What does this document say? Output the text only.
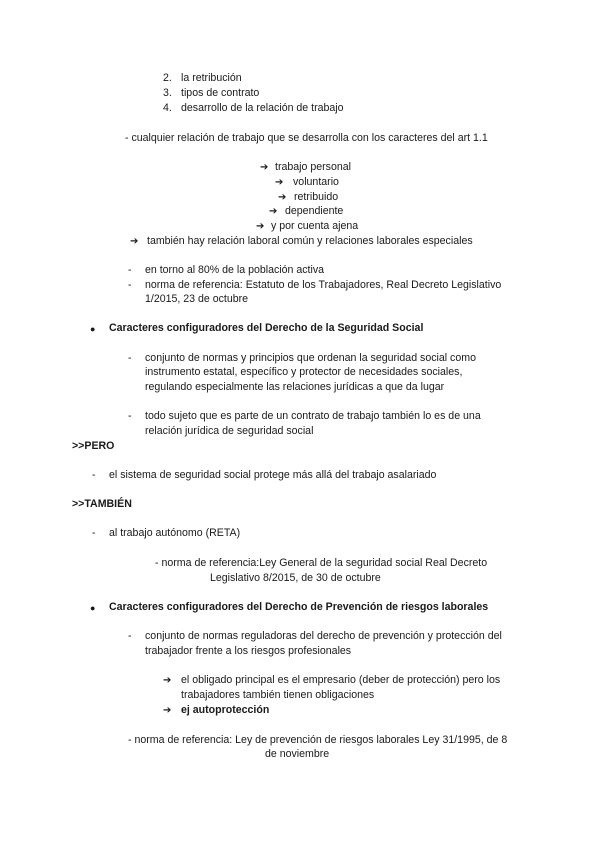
2. la retribución
3. tipos de contrato
4. desarrollo de la relación de trabajo
- cualquier relación de trabajo que se desarrolla con los caracteres del art 1.1
➔ trabajo personal
➔ voluntario
➔ retribuido
➔ dependiente
➔ y por cuenta ajena
➔ también hay relación laboral común y relaciones laborales especiales
- en torno al 80% de la población activa
- norma de referencia: Estatuto de los Trabajadores, Real Decreto Legislativo
1/2015, 23 de octubre
● Caracteres configuradores del Derecho de la Seguridad Social
- conjunto de normas y principios que ordenan la seguridad social como
instrumento estatal, específico y protector de necesidades sociales,
regulando especialmente las relaciones jurídicas a que da lugar
- todo sujeto que es parte de un contrato de trabajo también lo es de una
relación jurídica de seguridad social
>>PERO
- el sistema de seguridad social protege más allá del trabajo asalariado
>>TAMBIÉN
- al trabajo autónomo (RETA)
- norma de referencia:Ley General de la seguridad social Real Decreto
Legislativo 8/2015, de 30 de octubre
● Caracteres configuradores del Derecho de Prevención de riesgos laborales
- conjunto de normas reguladoras del derecho de prevención y protección del
trabajador frente a los riesgos profesionales
➔ el obligado principal es el empresario (deber de protección) pero los
trabajadores también tienen obligaciones
➔ ej autoprotección
- norma de referencia: Ley de prevención de riesgos laborales Ley 31/1995, de 8
de noviembre
